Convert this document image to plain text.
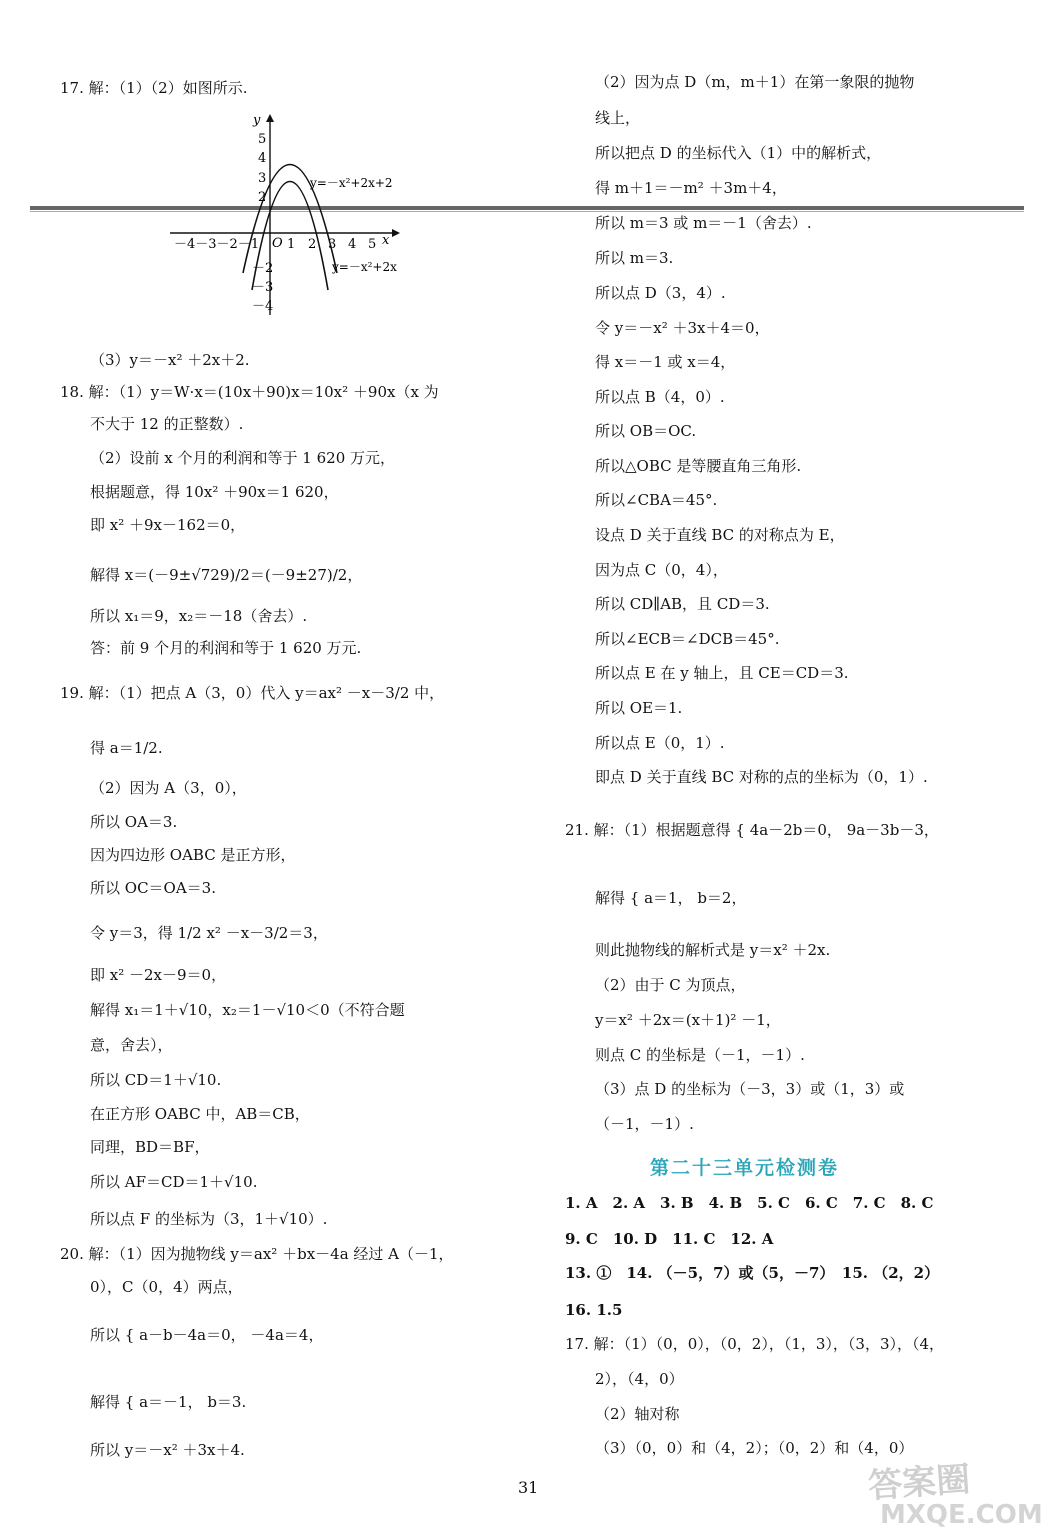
17. 解：（1）（2）如图所示.
（3）y＝－x² ＋2x＋2.
18. 解：（1）y＝W·x＝(10x＋90)x＝10x² ＋90x（x 为
不大于 12 的正整数）.
（2）设前 x 个月的利润和等于 1 620 万元，
根据题意，得 10x² ＋90x＝1 620，
即 x² ＋9x－162＝0，
解得 x＝(－9±√729)/2＝(－9±27)/2，
所以 x₁＝9，x₂＝－18（舍去）.
答：前 9 个月的利润和等于 1 620 万元.
19. 解：（1）把点 A（3，0）代入 y＝ax² －x－3/2 中，
得 a＝1/2.
（2）因为 A（3，0），
所以 OA＝3.
因为四边形 OABC 是正方形，
所以 OC＝OA＝3.
令 y＝3，得 1/2 x² －x－3/2＝3，
即 x² －2x－9＝0，
解得 x₁＝1＋√10，x₂＝1－√10＜0（不符合题
意，舍去），
所以 CD＝1＋√10.
在正方形 OABC 中，AB＝CB，
同理，BD＝BF，
所以 AF＝CD＝1＋√10.
所以点 F 的坐标为（3，1＋√10）.
20. 解：（1）因为抛物线 y＝ax² ＋bx－4a 经过 A（－1，
0），C（0，4）两点，
所以 { a－b－4a＝0， －4a＝4，
解得 { a＝－1， b＝3.
所以 y＝－x² ＋3x＋4.
y
x
O
5
4
3
2
－2
－3
－4
－4－3－2－1 1 2 3 4 5
y=－x²+2x+2
y=－x²+2x
（2）因为点 D（m，m＋1）在第一象限的抛物
线上，
所以把点 D 的坐标代入（1）中的解析式，
得 m＋1＝－m² ＋3m＋4，
所以 m＝3 或 m＝－1（舍去）.
所以 m＝3.
所以点 D（3，4）.
令 y＝－x² ＋3x＋4＝0，
得 x＝－1 或 x＝4，
所以点 B（4，0）.
所以 OB＝OC.
所以△OBC 是等腰直角三角形.
所以∠CBA＝45°.
设点 D 关于直线 BC 的对称点为 E，
因为点 C（0，4），
所以 CD∥AB，且 CD＝3.
所以∠ECB＝∠DCB＝45°.
所以点 E 在 y 轴上，且 CE＝CD＝3.
所以 OE＝1.
所以点 E（0，1）.
即点 D 关于直线 BC 对称的点的坐标为（0，1）.
21. 解：（1）根据题意得 { 4a－2b＝0， 9a－3b－3，
解得 { a＝1， b＝2，
则此抛物线的解析式是 y＝x² ＋2x.
（2）由于 C 为顶点，
y＝x² ＋2x＝(x＋1)² －1，
则点 C 的坐标是（－1，－1）.
（3）点 D 的坐标为（－3，3）或（1，3）或
（－1，－1）.
1. A　2. A　3. B　4. B　5. C　6. C　7. C　8. C
9. C　10. D　11. C　12. A
13. ①　14. （－5，7）或（5，－7）　15. （2，2）
16. 1.5
17. 解：（1）（0，0），（0，2），（1，3），（3，3），（4，
2），（4，0）
（2）轴对称
（3）（0，0）和（4，2）；（0，2）和（4，0）
第二十三单元检测卷
31	答案圈
MXQE.COM
